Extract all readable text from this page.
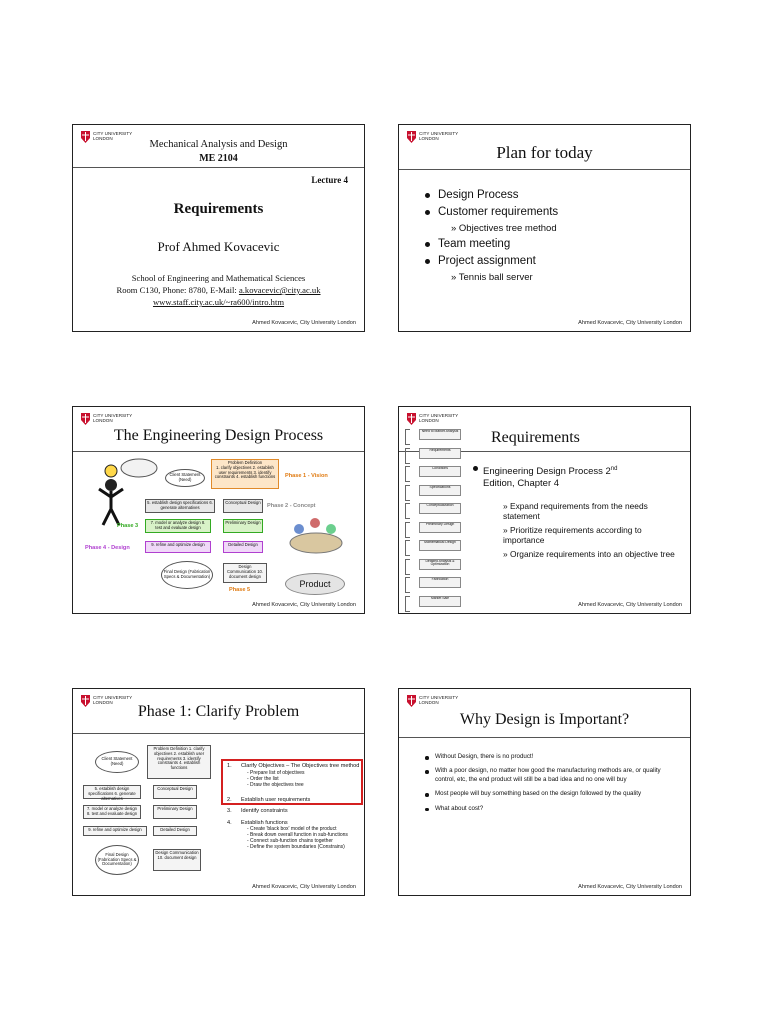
CITY UNIVERSITY
LONDON
Mechanical Analysis and Design
ME 2104
Lecture 4
Requirements
Prof Ahmed Kovacevic
School of Engineering and Mathematical Sciences
Room C130, Phone: 8780, E-Mail: a.kovacevic@city.ac.uk
www.staff.city.ac.uk/~ra600/intro.htm
Ahmed Kovacevic, City University London
CITY UNIVERSITY
LONDON
Plan for today
Design Process
Customer requirements
» Objectives tree method
Team meeting
Project assignment
» Tennis ball server
Ahmed Kovacevic, City University London
CITY UNIVERSITY
LONDON
The Engineering Design Process
Client Statement (Need)
Problem Definition
1. clarify objectives 2. establish user requirements 3. identify constraints 4. establish functions	Phase 1 - Vision
5. establish design specifications 6. generate alternatives
Conceptual Design
Phase 2 - Concept
Phase 3
7. model or analyze design 8. test and evaluate design
Preliminary Design
Phase 4 - Design
9. refine and optimize design	Detailed Design
Final Design (Fabrication Specs & Documentation)
Design Communication 10. document design
Phase 5
Product
Ahmed Kovacevic, City University London
CITY UNIVERSITY
LONDON
Requirements
Need to Market Analysis
Requirements
Conditions
Specifications
Conceptualization
Preliminary Design
Mathematical Design
Detailed Analysis & Optimization
Fabrication
Market Sale
Engineering Design Process 2nd
Edition, Chapter 4
» Expand requirements from the needs statement
» Prioritize requirements according to importance
» Organize requirements into an objective tree
Ahmed Kovacevic, City University London
CITY UNIVERSITY
LONDON
Phase 1: Clarify Problem
Client Statement (Need)
Problem Definition 1. clarify objectives 2. establish user requirements 3. identify constraints 4. establish functions
5. establish design specifications 6. generate alternatives
Conceptual Design
7. model or analyze design 8. test and evaluate design
Preliminary Design
9. refine and optimize design	Detailed Design
Final Design (Fabrication Specs & Documentation)
Design Communication 10. document design
1. Clarify Objectives – The Objectives tree method
- Prepare list of objectives
- Order the list
- Draw the objectives tree
2. Establish user requirements
3. Identify constraints
4. Establish functions
- Create 'black box' model of the product
- Break down overall function in sub-functions
- Connect sub-function chains together
- Define the system boundaries (Constrains)
Ahmed Kovacevic, City University London
CITY UNIVERSITY
LONDON
Why Design is Important?
Without Design, there is no product!
With a poor design, no matter how good the manufacturing methods are, or quality control, etc, the end product will still be a bad idea and no one will buy
Most people will buy something based on the design followed by the quality
What about cost?
Ahmed Kovacevic, City University London
